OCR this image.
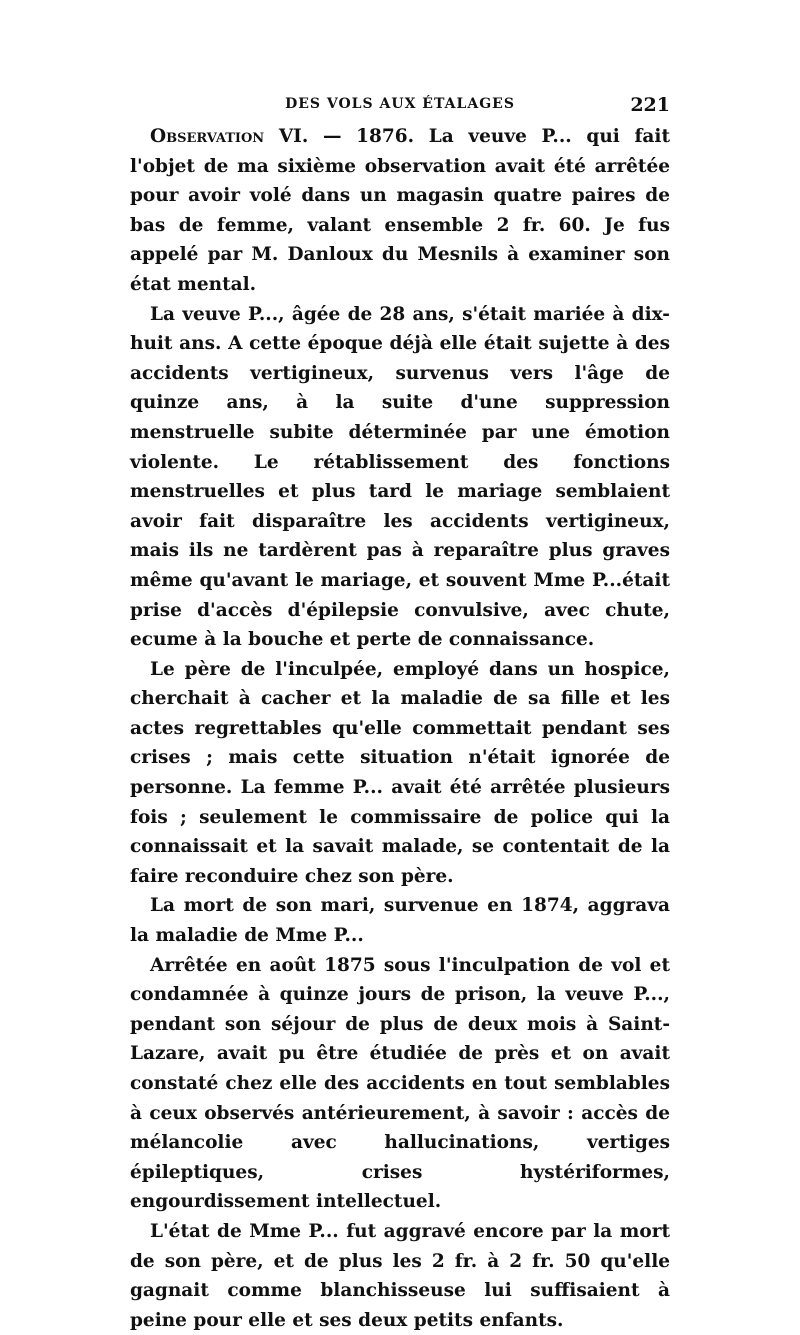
DES VOLS AUX ÉTALAGES	221

Observation VI. — 1876. La veuve P... qui fait l'objet de ma sixième observation avait été arrêtée pour avoir volé dans un magasin quatre paires de bas de femme, valant ensemble 2 fr. 60. Je fus appelé par M. Danloux du Mesnils à examiner son état mental.

La veuve P..., âgée de 28 ans, s'était mariée à dix-huit ans. A cette époque déjà elle était sujette à des accidents vertigineux, survenus vers l'âge de quinze ans, à la suite d'une suppression menstruelle subite déterminée par une émotion violente. Le rétablissement des fonctions menstruelles et plus tard le mariage semblaient avoir fait disparaître les accidents vertigineux, mais ils ne tardèrent pas à reparaître plus graves même qu'avant le mariage, et souvent Mme P...était prise d'accès d'épilepsie convulsive, avec chute, ecume à la bouche et perte de connaissance.

Le père de l'inculpée, employé dans un hospice, cherchait à cacher et la maladie de sa fille et les actes regrettables qu'elle commettait pendant ses crises ; mais cette situation n'était ignorée de personne. La femme P... avait été arrêtée plusieurs fois ; seulement le commissaire de police qui la connaissait et la savait malade, se contentait de la faire reconduire chez son père.

La mort de son mari, survenue en 1874, aggrava la maladie de Mme P...

Arrêtée en août 1875 sous l'inculpation de vol et condamnée à quinze jours de prison, la veuve P..., pendant son séjour de plus de deux mois à Saint-Lazare, avait pu être étudiée de près et on avait constaté chez elle des accidents en tout semblables à ceux observés antérieurement, à savoir : accès de mélancolie avec hallucinations, vertiges épileptiques, crises hystériformes, engourdissement intellectuel.

L'état de Mme P... fut aggravé encore par la mort de son père, et de plus les 2 fr. à 2 fr. 50 qu'elle gagnait comme blanchisseuse lui suffisaient à peine pour elle et ses deux petits enfants.
